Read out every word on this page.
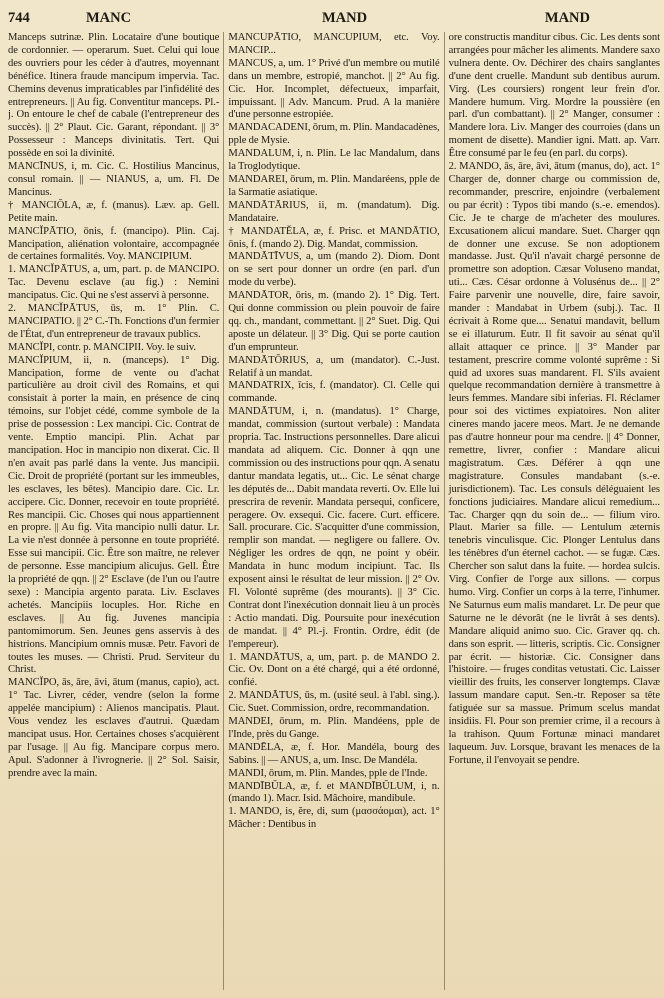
744	MANC	MAND	MAND

Manceps sutrinæ. Plin. Locataire d'une boutique de cordonnier. — operarum. Suet. Celui qui loue des ouvriers pour les céder à d'autres, moyennant bénéfice. Itinera fraude mancipum impervia. Tac. Chemins devenus impraticables par l'infidélité des entrepreneurs. || Au fig. Conventitur manceps. Pl.-j. On entoure le chef de cabale (l'entrepreneur des succès). || 2° Plaut. Cic. Garant, répondant. || 3° Possesseur : Manceps divinitatis. Tert. Qui possède en soi la divinité.

MANCĪNUS, i, m. Cic. C. Hostilius Mancinus, consul romain. || — NIANUS, a, um. Fl. De Mancinus.

† MANCIŎLA, æ, f. (manus). Læv. ap. Gell. Petite main.

MANCĬPĀTIO, ōnis, f. (mancipo). Plin. Caj. Mancipation, aliénation volontaire, accompagnée de certaines formalités. Voy. MANCIPIUM.

1. MANCĬPĀTUS, a, um, part. p. de MANCIPO. Tac. Devenu esclave (au fig.) : Nemini mancipatus. Cic. Qui ne s'est asservi à personne.

2. MANCĬPĀTUS, ūs, m. 1° Plin. C. MANCIPATIO. || 2° C.-Th. Fonctions d'un fermier de l'État, d'un entrepreneur de travaux publics.

MANCĬPI, contr. p. MANCIPII. Voy. le suiv.

MANCĬPIUM, ii, n. (manceps). 1° Dig. Mancipation, forme de vente ou d'achat particulière au droit civil des Romains, et qui consistait à porter la main, en présence de cinq témoins, sur l'objet cédé, comme symbole de la prise de possession : Lex mancipi. Cic. Contrat de vente. Emptio mancipi. Plin. Achat par mancipation. Hoc in mancipio non dixerat. Cic. Il n'en avait pas parlé dans la vente. Jus mancipii. Cic. Droit de propriété (portant sur les immeubles, les esclaves, les bêtes). Mancipio dare. Cic. Lr. accipere. Cic. Donner, recevoir en toute propriété. Res mancipii. Cic. Choses qui nous appartiennent en propre. || Au fig. Vita mancipio nulli datur. Lr. La vie n'est donnée à personne en toute propriété. Esse sui mancipii. Cic. Être son maître, ne relever de personne. Esse mancipium alicujus. Gell. Être la propriété de qqn. || 2° Esclave (de l'un ou l'autre sexe) : Mancipia argento parata. Liv. Esclaves achetés. Mancipiis locuples. Hor. Riche en esclaves. || Au fig. Juvenes mancipia pantomimorum. Sen. Jeunes gens asservis à des histrions. Mancipium omnis musæ. Petr. Favori de toutes les muses. — Christi. Prud. Serviteur du Christ.

MANCĬPO, ās, āre, āvi, ātum (manus, capio), act. 1° Tac. Livrer, céder, vendre (selon la forme appelée mancipium) : Alienos mancipatis. Plaut. Vous vendez les esclaves d'autrui. Quædam mancipat usus. Hor. Certaines choses s'acquièrent par l'usage. || Au fig. Mancipare corpus mero. Apul. S'adonner à l'ivrognerie. || 2° Sol. Saisir, prendre avec la main.

MANCŬPĀTIO, MANCŬPIUM, etc. Voy. MANCIP...

MANCUS, a, um. 1° Privé d'un membre ou mutilé dans un membre, estropié, manchot. || 2° Au fig. Cic. Hor. Incomplet, défectueux, imparfait, impuissant. || Adv. Mancum. Prud. A la manière d'une personne estropiée.

MANDACADENI, ōrum, m. Plin. Mandacadènes, pple de Mysie.

MANDALUM, i, n. Plin. Le lac Mandalum, dans la Troglodytique.

MANDAREI, ōrum, m. Plin. Mandaréens, pple de la Sarmatie asiatique.

MANDĀTĀRIUS, ii, m. (mandatum). Dig. Mandataire.

† MANDATĔLA, æ, f. Prisc. et MANDĀTIO, ōnis, f. (mando 2). Dig. Mandat, commission.

MANDĀTĪVUS, a, um (mando 2). Diom. Dont on se sert pour donner un ordre (en parl. d'un mode du verbe).

MANDĀTOR, ōris, m. (mando 2). 1° Dig. Tert. Qui donne commission ou plein pouvoir de faire qq. ch., mandant, commettant. || 2° Suet. Dig. Qui aposte un délateur. || 3° Dig. Qui se porte caution d'un emprunteur.

MANDĀTŌRIUS, a, um (mandator). C.-Just. Relatif à un mandat.

MANDATRIX, īcis, f. (mandator). Cl. Celle qui commande.

MANDĀTUM, i, n. (mandatus). 1° Charge, mandat, commission (surtout verbale) : Mandata propria. Tac. Instructions personnelles. Dare alicui mandata ad aliquem. Cic. Donner à qqn une commission ou des instructions pour qqn. A senatu dantur mandata legatis, ut... Cic. Le sénat charge les députés de... Dabit mandata reverti. Ov. Elle lui prescrira de revenir. Mandata persequi, conficere, peragere. Ov. exsequi. Cic. facere. Curt. efficere. Sall. procurare. Cic. S'acquitter d'une commission, remplir son mandat. — negligere ou fallere. Ov. Négliger les ordres de qqn, ne point y obéir. Mandata in hunc modum incipiunt. Tac. Ils exposent ainsi le résultat de leur mission. || 2° Ov. Fl. Volonté suprême (des mourants). || 3° Cic. Contrat dont l'inexécution donnait lieu à un procès : Actio mandati. Dig. Poursuite pour inexécution de mandat. || 4° Pl.-j. Frontin. Ordre, édit (de l'empereur).

1. MANDĀTUS, a, um, part. p. de MANDO 2. Cic. Ov. Dont on a été chargé, qui a été ordonné, confié.

2. MANDĀTUS, ūs, m. (usité seul. à l'abl. sing.). Cic. Suet. Commission, ordre, recommandation.

MANDEI, ōrum, m. Plin. Mandéens, pple de l'Inde, près du Gange.

MANDĒLA, æ, f. Hor. Mandéla, bourg des Sabins. || — ANUS, a, um. Insc. De Mandéla.

MANDI, ōrum, m. Plin. Mandes, pple de l'Inde.

MANDĪBŬLA, æ, f. et MANDĪBŬLUM, i, n. (mando 1). Macr. Isid. Mâchoire, mandibule.

1. MANDO, is, ĕre, di, sum (μασσάομαι), act. 1° Mâcher : Dentibus in

ore constructis manditur cibus. Cic. Les dents sont arrangées pour mâcher les aliments. Mandere saxo vulnera dente. Ov. Déchirer des chairs sanglantes d'une dent cruelle. Mandunt sub dentibus aurum. Virg. (Les coursiers) rongent leur frein d'or. Mandere humum. Virg. Mordre la poussière (en parl. d'un combattant). || 2° Manger, consumer : Mandere lora. Liv. Manger des courroies (dans un moment de disette). Mandier igni. Matt. ap. Varr. Être consumé par le feu (en parl. du corps).

2. MANDO, ās, āre, āvi, ātum (manus, do), act. 1° Charger de, donner charge ou commission de, recommander, prescrire, enjoindre (verbalement ou par écrit) : Typos tibi mando (s.-e. emendos). Cic. Je te charge de m'acheter des moulures. Excusationem alicui mandare. Suet. Charger qqn de donner une excuse. Se non adoptionem mandasse. Just. Qu'il n'avait chargé personne de promettre son adoption. Cæsar Voluseno mandat, uti... Cæs. César ordonne à Volusénus de... || 2° Faire parvenir une nouvelle, dire, faire savoir, mander : Mandabat in Urbem (subj.). Tac. Il écrivait à Rome que.... Senatui mandavit, bellum se ei illaturum. Eutr. Il fit savoir au sénat qu'il allait attaquer ce prince. || 3° Mander par testament, prescrire comme volonté suprême : Si quid ad uxores suas mandarent. Fl. S'ils avaient quelque recommandation dernière à transmettre à leurs femmes. Mandare sibi inferias. Fl. Réclamer pour soi des victimes expiatoires. Non aliter cineres mando jacere meos. Mart. Je ne demande pas d'autre honneur pour ma cendre. || 4° Donner, remettre, livrer, confier : Mandare alicui magistratum. Cæs. Déférer à qqn une magistrature. Consules mandabant (s.-e. jurisdictionem). Tac. Les consuls déléguaient les fonctions judiciaires. Mandare alicui remedium... Tac. Charger qqn du soin de... — filium viro. Plaut. Marier sa fille. — Lentulum æternis tenebris vinculisque. Cic. Plonger Lentulus dans les ténèbres d'un éternel cachot. — se fugæ. Cæs. Chercher son salut dans la fuite. — hordea sulcis. Virg. Confier de l'orge aux sillons. — corpus humo. Virg. Confier un corps à la terre, l'inhumer. Ne Saturnus eum malis mandaret. Lr. De peur que Saturne ne le dévorât (ne le livrât à ses dents). Mandare aliquid animo suo. Cic. Graver qq. ch. dans son esprit. — litteris, scriptis. Cic. Consigner par écrit. — historiæ. Cic. Consigner dans l'histoire. — fruges conditas vetustati. Cic. Laisser vieillir des fruits, les conserver longtemps. Clavæ lassum mandare caput. Sen.-tr. Reposer sa tête fatiguée sur sa massue. Primum scelus mandat insidiis. Fl. Pour son premier crime, il a recours à la trahison. Quum Fortunæ minaci mandaret laqueum. Juv. Lorsque, bravant les menaces de la Fortune, il l'envoyait se pendre.
